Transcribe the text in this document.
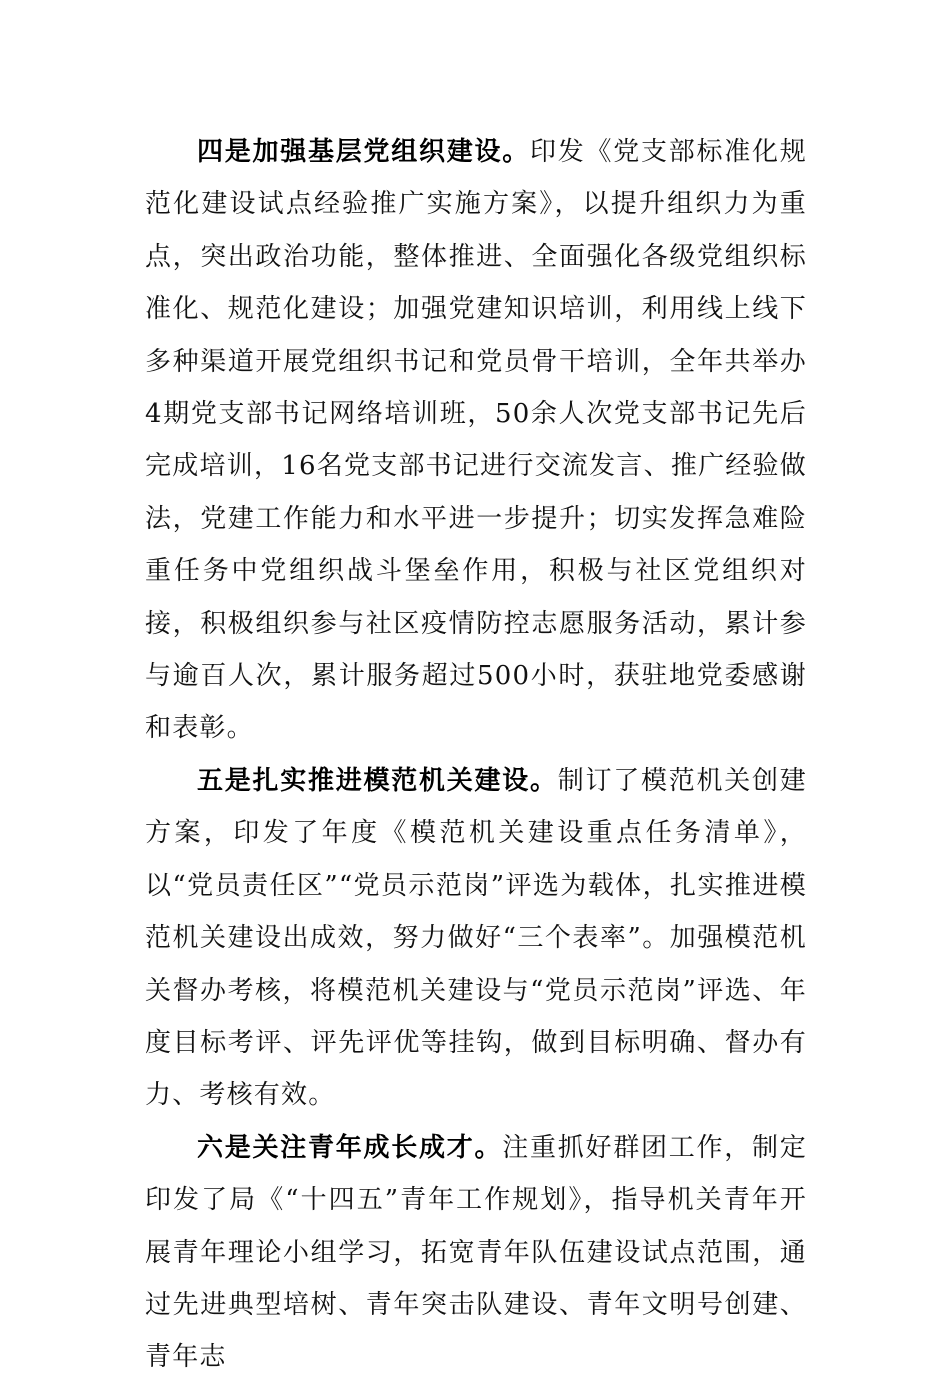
四是加强基层党组织建设。印发《党支部标准化规范化建设试点经验推广实施方案》，以提升组织力为重点，突出政治功能，整体推进、全面强化各级党组织标准化、规范化建设；加强党建知识培训，利用线上线下多种渠道开展党组织书记和党员骨干培训，全年共举办4期党支部书记网络培训班，50余人次党支部书记先后完成培训，16名党支部书记进行交流发言、推广经验做法，党建工作能力和水平进一步提升；切实发挥急难险重任务中党组织战斗堡垒作用，积极与社区党组织对接，积极组织参与社区疫情防控志愿服务活动，累计参与逾百人次，累计服务超过500小时，获驻地党委感谢和表彰。

五是扎实推进模范机关建设。制订了模范机关创建方案，印发了年度《模范机关建设重点任务清单》，以“党员责任区”“党员示范岗”评选为载体，扎实推进模范机关建设出成效，努力做好“三个表率”。加强模范机关督办考核，将模范机关建设与“党员示范岗”评选、年度目标考评、评先评优等挂钩，做到目标明确、督办有力、考核有效。

六是关注青年成长成才。注重抓好群团工作，制定印发了局《“十四五”青年工作规划》，指导机关青年开展青年理论小组学习，拓宽青年队伍建设试点范围，通过先进典型培树、青年突击队建设、青年文明号创建、青年志
